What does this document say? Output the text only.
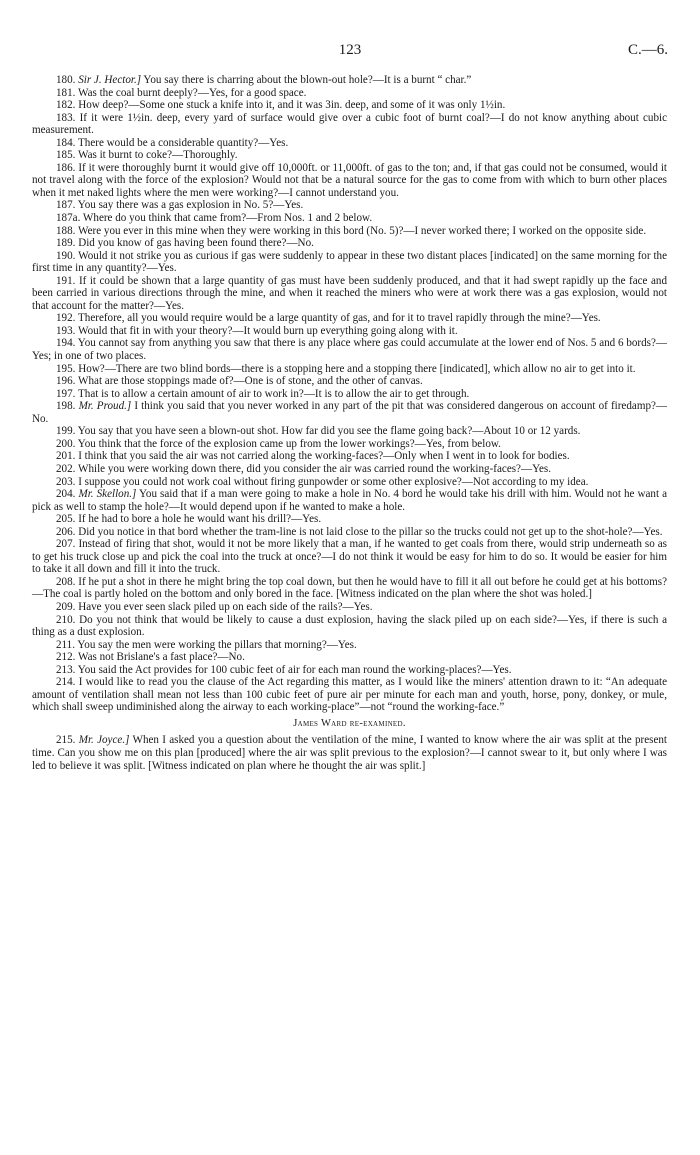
123	C.—6.

180. Sir J. Hector.] You say there is charring about the blown-out hole?—It is a burnt “ char.”

181. Was the coal burnt deeply?—Yes, for a good space.

182. How deep?—Some one stuck a knife into it, and it was 3in. deep, and some of it was only 1½in.

183. If it were 1½in. deep, every yard of surface would give over a cubic foot of burnt coal?—I do not know anything about cubic measurement.

184. There would be a considerable quantity?—Yes.

185. Was it burnt to coke?—Thoroughly.

186. If it were thoroughly burnt it would give off 10,000ft. or 11,000ft. of gas to the ton; and, if that gas could not be consumed, would it not travel along with the force of the explosion? Would not that be a natural source for the gas to come from with which to burn other places when it met naked lights where the men were working?—I cannot understand you.

187. You say there was a gas explosion in No. 5?—Yes.

187a. Where do you think that came from?—From Nos. 1 and 2 below.

188. Were you ever in this mine when they were working in this bord (No. 5)?—I never worked there; I worked on the opposite side.

189. Did you know of gas having been found there?—No.

190. Would it not strike you as curious if gas were suddenly to appear in these two distant places [indicated] on the same morning for the first time in any quantity?—Yes.

191. If it could be shown that a large quantity of gas must have been suddenly produced, and that it had swept rapidly up the face and been carried in various directions through the mine, and when it reached the miners who were at work there was a gas explosion, would not that account for the matter?—Yes.

192. Therefore, all you would require would be a large quantity of gas, and for it to travel rapidly through the mine?—Yes.

193. Would that fit in with your theory?—It would burn up everything going along with it.

194. You cannot say from anything you saw that there is any place where gas could accumulate at the lower end of Nos. 5 and 6 bords?—Yes; in one of two places.

195. How?—There are two blind bords—there is a stopping here and a stopping there [indicated], which allow no air to get into it.

196. What are those stoppings made of?—One is of stone, and the other of canvas.

197. That is to allow a certain amount of air to work in?—It is to allow the air to get through.

198. Mr. Proud.] I think you said that you never worked in any part of the pit that was considered dangerous on account of firedamp?—No.

199. You say that you have seen a blown-out shot. How far did you see the flame going back?—About 10 or 12 yards.

200. You think that the force of the explosion came up from the lower workings?—Yes, from below.

201. I think that you said the air was not carried along the working-faces?—Only when I went in to look for bodies.

202. While you were working down there, did you consider the air was carried round the working-faces?—Yes.

203. I suppose you could not work coal without firing gunpowder or some other explosive?—Not according to my idea.

204. Mr. Skellon.] You said that if a man were going to make a hole in No. 4 bord he would take his drill with him. Would not he want a pick as well to stamp the hole?—It would depend upon if he wanted to make a hole.

205. If he had to bore a hole he would want his drill?—Yes.

206. Did you notice in that bord whether the tram-line is not laid close to the pillar so the trucks could not get up to the shot-hole?—Yes.

207. Instead of firing that shot, would it not be more likely that a man, if he wanted to get coals from there, would strip underneath so as to get his truck close up and pick the coal into the truck at once?—I do not think it would be easy for him to do so. It would be easier for him to take it all down and fill it into the truck.

208. If he put a shot in there he might bring the top coal down, but then he would have to fill it all out before he could get at his bottoms?—The coal is partly holed on the bottom and only bored in the face. [Witness indicated on the plan where the shot was holed.]

209. Have you ever seen slack piled up on each side of the rails?—Yes.

210. Do you not think that would be likely to cause a dust explosion, having the slack piled up on each side?—Yes, if there is such a thing as a dust explosion.

211. You say the men were working the pillars that morning?—Yes.

212. Was not Brislane's a fast place?—No.

213. You said the Act provides for 100 cubic feet of air for each man round the working-places?—Yes.

214. I would like to read you the clause of the Act regarding this matter, as I would like the miners' attention drawn to it: “An adequate amount of ventilation shall mean not less than 100 cubic feet of pure air per minute for each man and youth, horse, pony, donkey, or mule, which shall sweep undiminished along the airway to each working-place”—not “round the working-face.”

James Ward re-examined.

215. Mr. Joyce.] When I asked you a question about the ventilation of the mine, I wanted to know where the air was split at the present time. Can you show me on this plan [produced] where the air was split previous to the explosion?—I cannot swear to it, but only where I was led to believe it was split. [Witness indicated on plan where he thought the air was split.]
